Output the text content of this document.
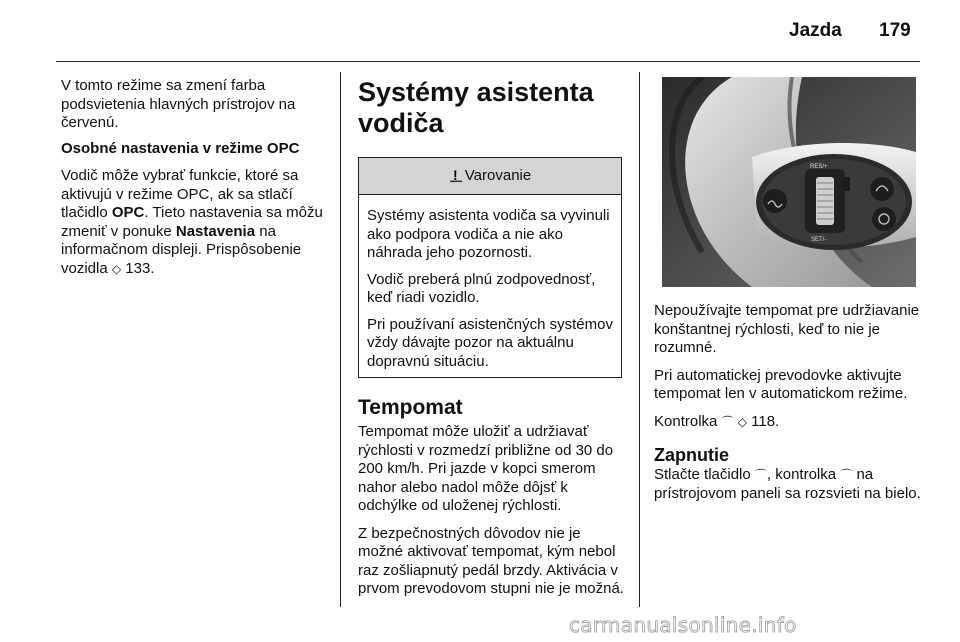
Jazda 179

V tomto režime sa zmení farba podsvietenia hlavných prístrojov na červenú.

Osobné nastavenia v režime OPC

Vodič môže vybrať funkcie, ktoré sa aktivujú v režime OPC, ak sa stlačí tlačidlo OPC. Tieto nastavenia sa môžu zmeniť v ponuke Nastavenia na informačnom displeji. Prispôsobenie vozidla ◇ 133.

Systémy asistenta
vodiča
! Varovanie

Systémy asistenta vodiča sa vyvinuli ako podpora vodiča a nie ako náhrada jeho pozornosti.

Vodič preberá plnú zodpovednosť, keď riadi vozidlo.

Pri používaní asistenčných systémov vždy dávajte pozor na aktuálnu dopravnú situáciu.

Tempomat

Tempomat môže uložiť a udržiavať rýchlosti v rozmedzí približne od 30 do 200 km/h. Pri jazde v kopci smerom nahor alebo nadol môže dôjsť k odchýlke od uloženej rýchlosti.

Z bezpečnostných dôvodov nie je možné aktivovať tempomat, kým nebol raz zošliapnutý pedál brzdy. Aktivácia v prvom prevodovom stupni nie je možná.

RES/+
SET/-

Nepoužívajte tempomat pre udržiavanie konštantnej rýchlosti, keď to nie je rozumné.

Pri automatickej prevodovke aktivujte tempomat len v automatickom režime.

Kontrolka ⌒ ◇ 118.

Zapnutie

Stlačte tlačidlo ⌒, kontrolka ⌒ na prístrojovom paneli sa rozsvieti na bielo.

carmanualsonline.info
